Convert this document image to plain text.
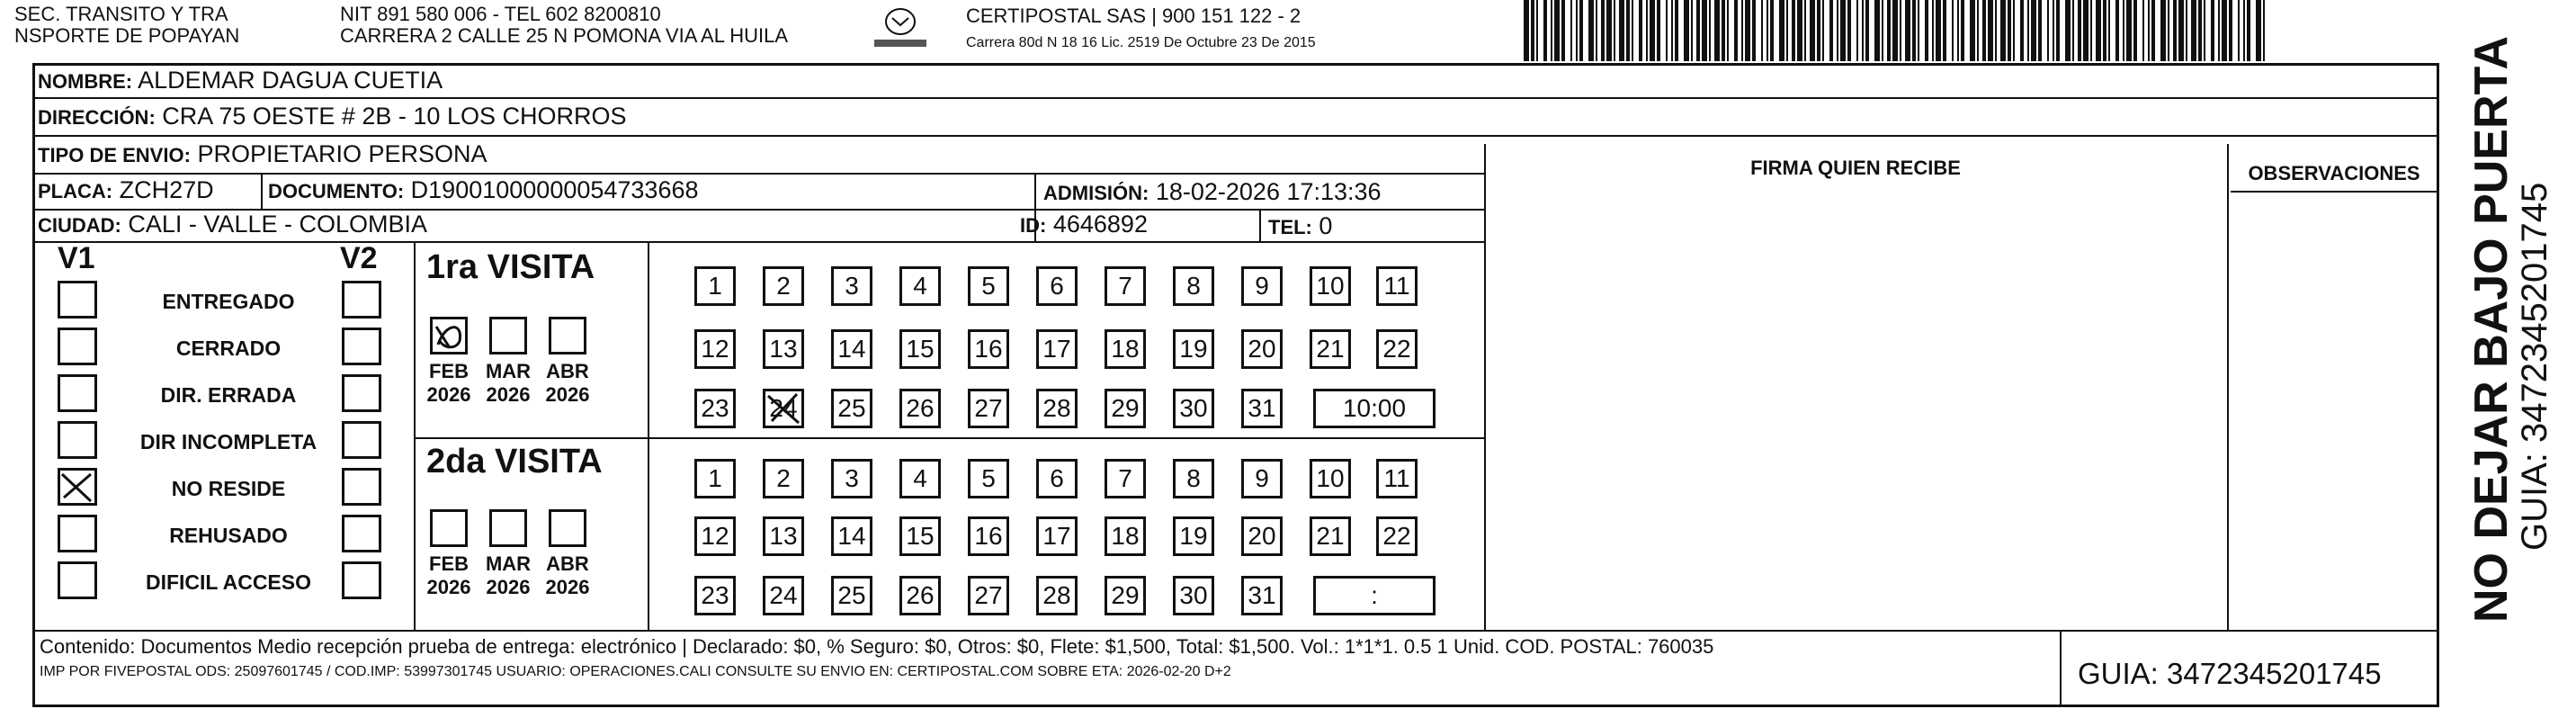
SEC. TRANSITO Y TRA
NSPORTE DE POPAYAN
NIT 891 580 006 - TEL 602 8200810
CARRERA 2 CALLE 25 N POMONA VIA AL HUILA
CERTIPOSTAL SAS | 900 151 122 - 2
Carrera 80d N 18 16 Lic. 2519 De Octubre 23 De 2015
NOMBRE: ALDEMAR DAGUA CUETIA
DIRECCIÓN: CRA 75 OESTE # 2B - 10 LOS CHORROS
TIPO DE ENVIO: PROPIETARIO PERSONA
PLACA: ZCH27D	DOCUMENTO: D19001000000054733668	ADMISIÓN: 18-02-2026 17:13:36
CIUDAD: CALI - VALLE - COLOMBIA	ID: 4646892	TEL: 0
V1	V2
ENTREGADO
CERRADO
DIR. ERRADA
DIR INCOMPLETA
NO RESIDE
REHUSADO
DIFICIL ACCESO
1ra VISITA
2da VISITA
FEB
2026
MAR
2026
ABR
2026
FEB
2026
MAR
2026
ABR
2026
1	2	3	4	5	6	7	8	9	10	11
12 13 14 15 16 17 18 19 20 21 22
23 24 25 26 27 28 29 30 31	10:00
1	2	3	4	5	6	7	8	9	10	11
12 13 14 15 16 17 18 19 20 21 22
23 24 25 26 27 28 29 30 31	:
FIRMA QUIEN RECIBE	OBSERVACIONES
Contenido: Documentos Medio recepción prueba de entrega: electrónico | Declarado: $0, % Seguro: $0, Otros: $0, Flete: $1,500, Total: $1,500. Vol.: 1*1*1. 0.5 1 Unid. COD. POSTAL: 760035
IMP POR FIVEPOSTAL ODS: 25097601745 / COD.IMP: 53997301745 USUARIO: OPERACIONES.CALI CONSULTE SU ENVIO EN: CERTIPOSTAL.COM SOBRE ETA: 2026-02-20 D+2	GUIA: 3472345201745
NO DEJAR BAJO PUERTA
GUIA: 3472345201745
